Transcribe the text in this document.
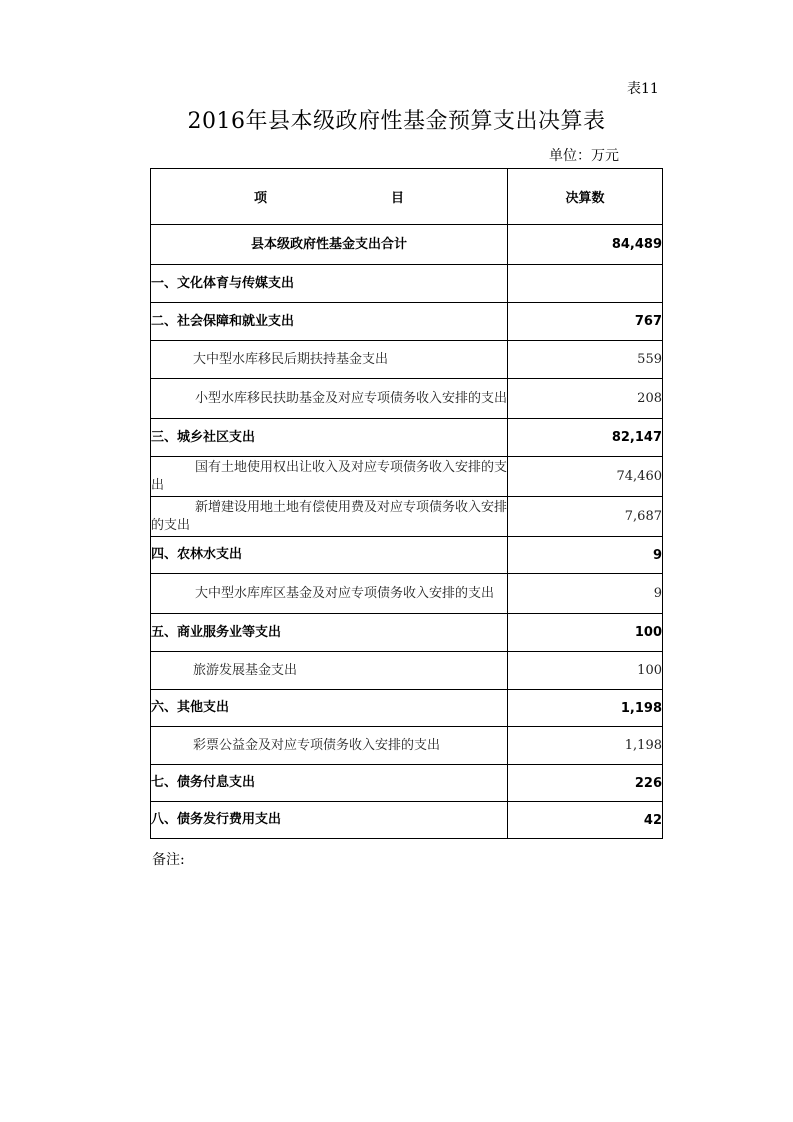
表11
2016年县本级政府性基金预算支出决算表
单位：万元
项 目	决算数
县本级政府性基金支出合计	84,489
一、文化体育与传媒支出	
二、社会保障和就业支出	767
大中型水库移民后期扶持基金支出	559
小型水库移民扶助基金及对应专项债务收入安排的支出	208
三、城乡社区支出	82,147
国有土地使用权出让收入及对应专项债务收入安排的支出	74,460
新增建设用地土地有偿使用费及对应专项债务收入安排的支出	7,687
四、农林水支出	9
大中型水库库区基金及对应专项债务收入安排的支出	9
五、商业服务业等支出	100
旅游发展基金支出	100
六、其他支出	1,198
彩票公益金及对应专项债务收入安排的支出	1,198
七、债务付息支出	226
八、债务发行费用支出	42
备注:
